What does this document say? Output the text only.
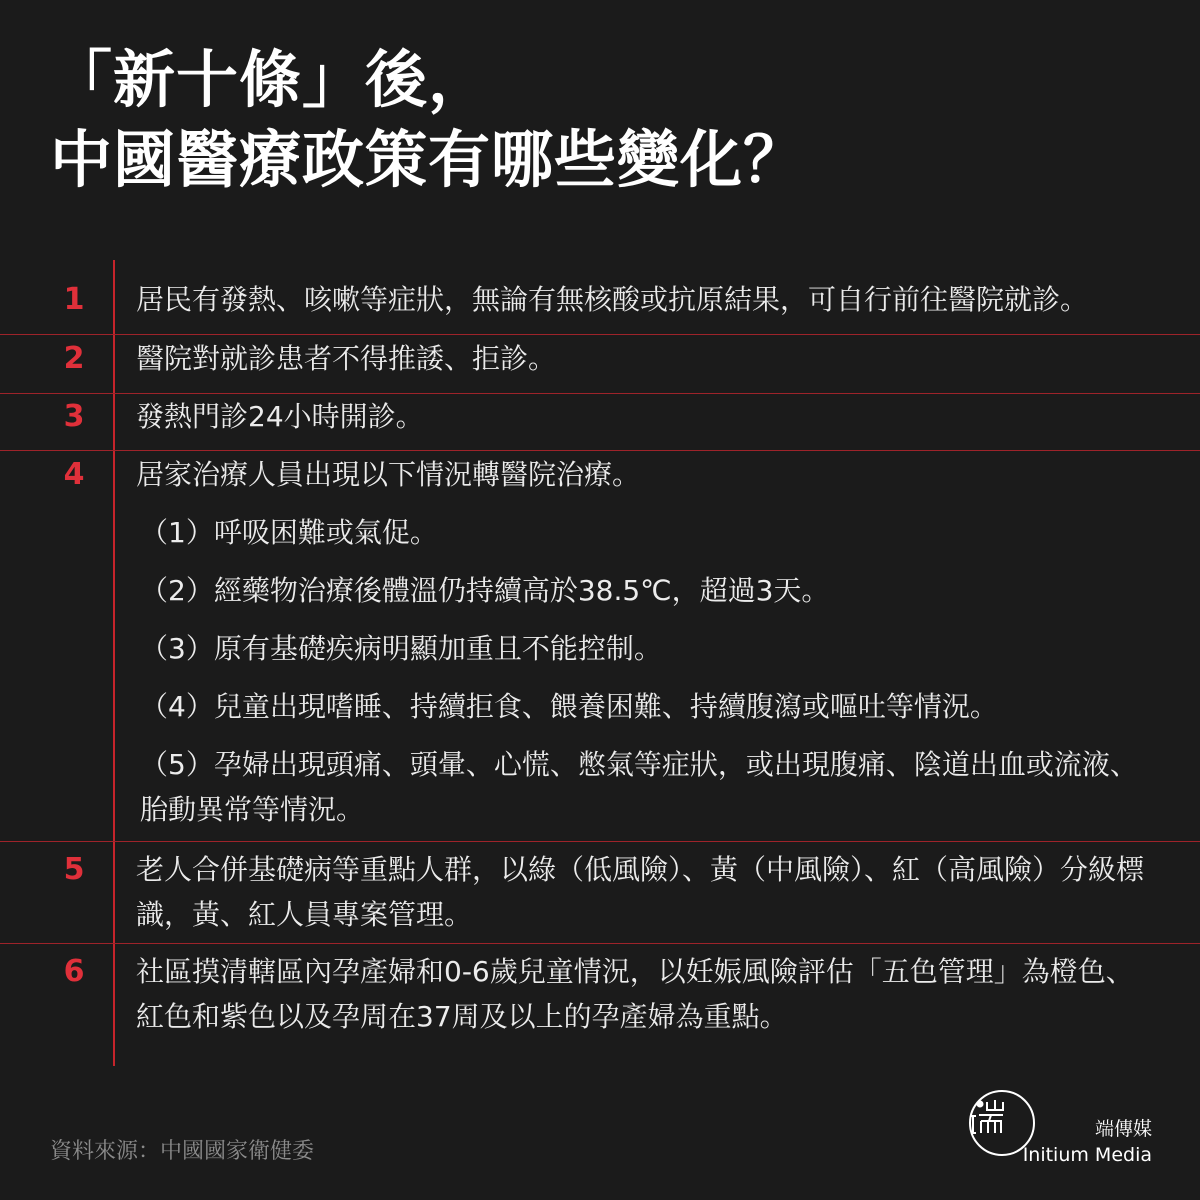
「新十條」後，
中國醫療政策有哪些變化？
1	居民有發熱、咳嗽等症狀，無論有無核酸或抗原結果，可自行前往醫院就診。
2	醫院對就診患者不得推諉、拒診。
3	發熱門診24小時開診。
4	居家治療人員出現以下情況轉醫院治療。
（1）呼吸困難或氣促。
（2）經藥物治療後體溫仍持續高於38.5℃，超過3天。
（3）原有基礎疾病明顯加重且不能控制。
（4）兒童出現嗜睡、持續拒食、餵養困難、持續腹瀉或嘔吐等情況。
（5）孕婦出現頭痛、頭暈、心慌、憋氣等症狀，或出現腹痛、陰道出血或流液、胎動異常等情況。
5	老人合併基礎病等重點人群，以綠（低風險）、黃（中風險）、紅（高風險）分級標識，黃、紅人員專案管理。
6	社區摸清轄區內孕產婦和0-6歲兒童情況，以妊娠風險評估「五色管理」為橙色、紅色和紫色以及孕周在37周及以上的孕產婦為重點。
資料來源：中國國家衛健委
端傳媒
Initium Media
